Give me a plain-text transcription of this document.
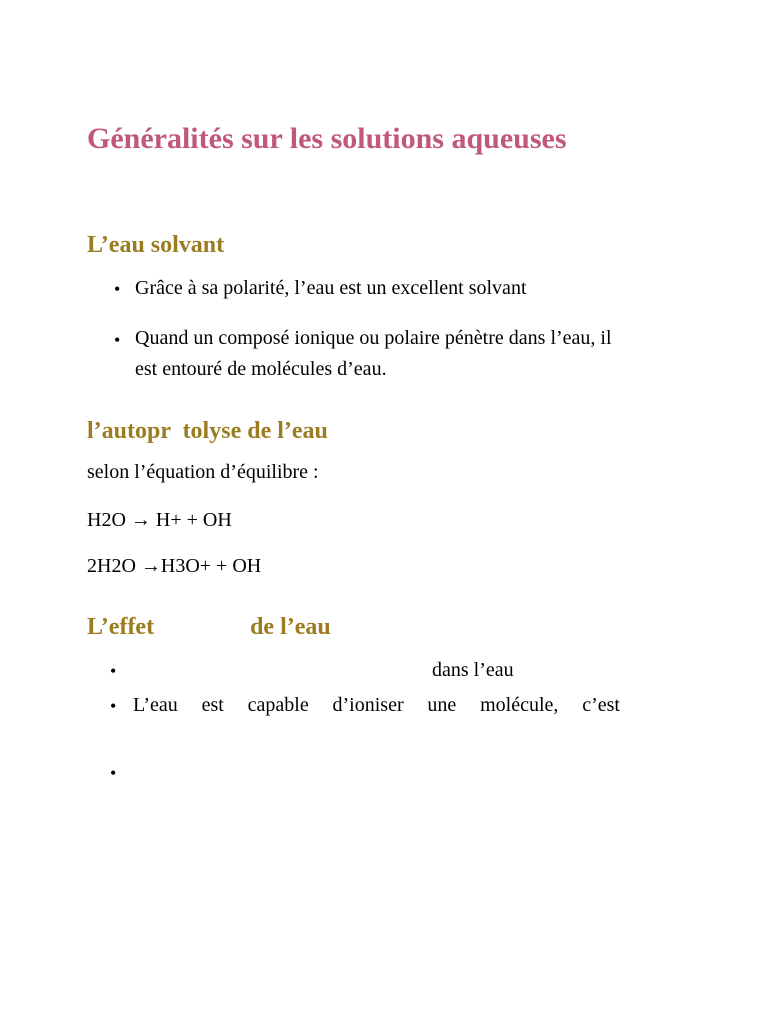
Généralités sur les solutions aqueuses
L’eau solvant
• Grâce à sa polarité, l’eau est un excellent solvant
• Quand un composé ionique ou polaire pénètre dans l’eau, il
est entouré de molécules d’eau.
l’autopr  tolyse de l’eau
selon l’équation d’équilibre :
H2O → H+ + OH
2H2O →H3O+ + OH
L’effet                de l’eau
•	dans l’eau
• L’eau est capable d’ioniser une molécule, c’est
•
